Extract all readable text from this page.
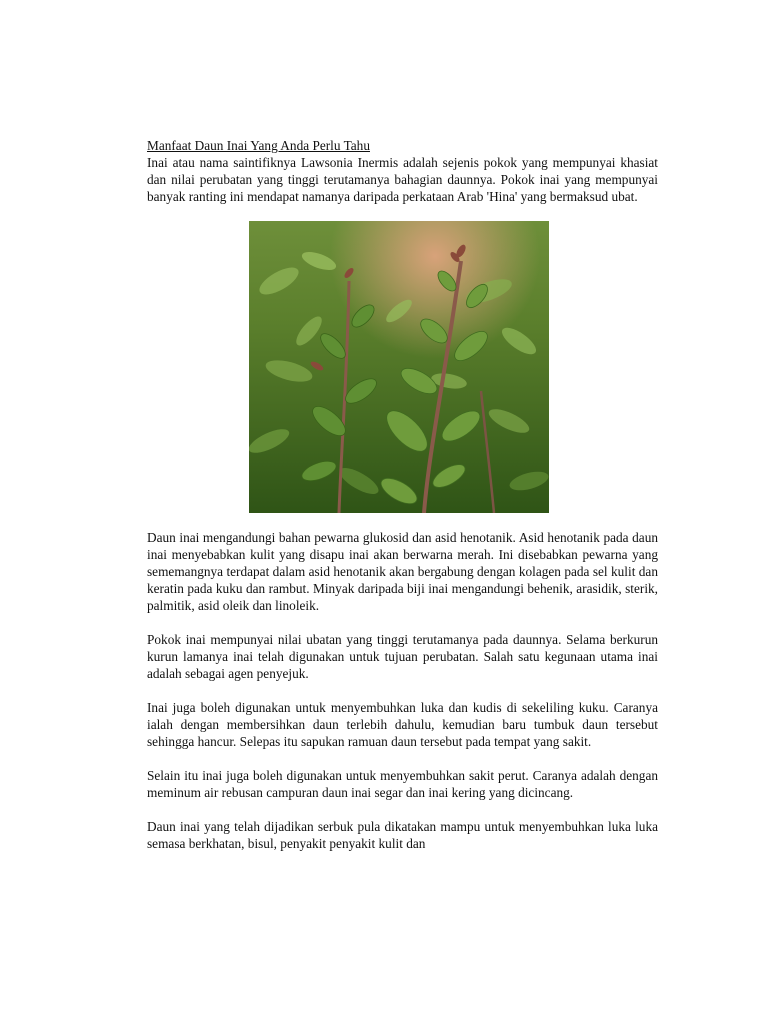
Manfaat Daun Inai Yang Anda Perlu Tahu

Inai atau nama saintifiknya Lawsonia Inermis adalah sejenis pokok yang mempunyai khasiat dan nilai perubatan yang tinggi terutamanya bahagian daunnya. Pokok inai yang mempunyai banyak ranting ini mendapat namanya daripada perkataan Arab 'Hina' yang bermaksud ubat.

Daun inai mengandungi bahan pewarna glukosid dan asid henotanik. Asid henotanik pada daun inai menyebabkan kulit yang disapu inai akan berwarna merah. Ini disebabkan pewarna yang sememangnya terdapat dalam asid henotanik akan bergabung dengan kolagen pada sel kulit dan keratin pada kuku dan rambut. Minyak daripada biji inai mengandungi behenik, arasidik, sterik, palmitik, asid oleik dan linoleik.

Pokok inai mempunyai nilai ubatan yang tinggi terutamanya pada daunnya. Selama berkurun kurun lamanya inai telah digunakan untuk tujuan perubatan. Salah satu kegunaan utama inai adalah sebagai agen penyejuk.

Inai juga boleh digunakan untuk menyembuhkan luka dan kudis di sekeliling kuku. Caranya ialah dengan membersihkan daun terlebih dahulu, kemudian baru tumbuk daun tersebut sehingga hancur. Selepas itu sapukan ramuan daun tersebut pada tempat yang sakit.

Selain itu inai juga boleh digunakan untuk menyembuhkan sakit perut. Caranya adalah dengan meminum air rebusan campuran daun inai segar dan inai kering yang dicincang.

Daun inai yang telah dijadikan serbuk pula dikatakan mampu untuk menyembuhkan luka luka semasa berkhatan, bisul, penyakit penyakit kulit dan
